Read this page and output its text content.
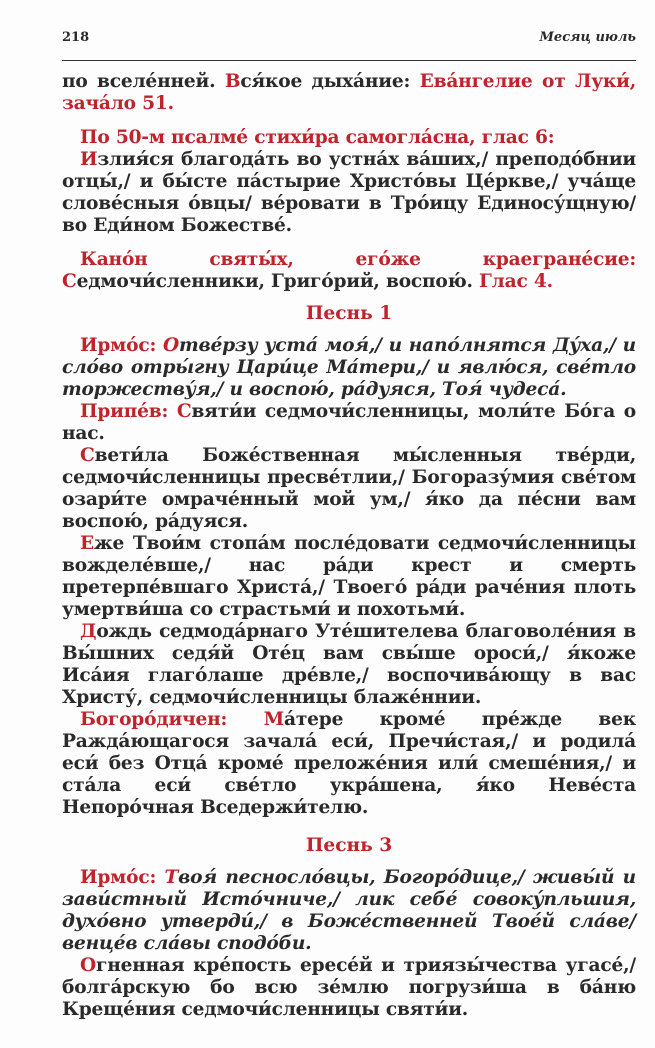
218	Месяц июль

по вселе́нней. Вся́кое дыха́ние: Ева́нгелие от Луки́, зача́ло 51.

По 50-м псалме́ стихи́ра самогла́сна, глас 6:

Излия́ся благода́ть во устна́х ва́ших,/ преподо́бнии отцы́,/ и бы́сте па́стырие Христо́вы Це́ркве,/ уча́ще слове́сныя о́вцы/ ве́ровати в Тро́ицу Единосу́щную/ во Еди́ном Божестве́.

Кано́н святы́х, его́же краегране́сие: Седмочи́сленники, Григо́рий, воспою́. Глас 4.

Песнь 1

Ирмо́с: Отве́рзу уста́ моя́,/ и напо́лнятся Ду́ха,/ и сло́во отры́гну Цари́це Ма́тери,/ и явлю́ся, све́тло торжеству́я,/ и воспою́, ра́дуяся, Тоя́ чудеса́.

Припе́в: Святи́и седмочи́сленницы, моли́те Бо́га о нас.

Свети́ла Боже́ственная мы́сленныя тве́рди, седмочи́сленницы пресве́тлии,/ Богоразу́мия све́том озари́те омраче́нный мой ум,/ я́ко да пе́сни вам воспою́, ра́дуяся.

Еже Твои́м стопа́м после́довати седмочи́сленницы вожделе́вше,/ нас ра́ди крест и смерть претерпе́вшаго Христа́,/ Твоего́ ра́ди раче́ния плоть умертви́ша со страстьми́ и похотьми́.

Дождь седмода́рнаго Уте́шителева благоволе́ния в Вы́шних седя́й Оте́ц вам свы́ше ороси́,/ я́коже Иса́ия глаго́лаше дре́вле,/ воспочива́ющу в вас Христу́, седмочи́сленницы блаже́ннии.

Богоро́дичен: Ма́тере кроме́ пре́жде век Ражда́ющагося зачала́ еси́, Пречи́стая,/ и родила́ еси́ без Отца́ кроме́ преложе́ния или́ смеше́ния,/ и ста́ла еси́ све́тло укра́шена, я́ко Неве́ста Непоро́чная Вседержи́телю.

Песнь 3

Ирмо́с: Твоя́ песносло́вцы, Богоро́дице,/ живы́й и зави́стный Исто́чниче,/ лик себе́ совоку́пльшия, духо́вно утверди́,/ в Боже́ственней Твое́й сла́ве/ венце́в сла́вы сподо́би.

Огненная кре́пость ересе́й и триязы́чества угасе́,/ болга́рскую бо всю зе́млю погрузи́ша в ба́ню Креще́ния седмочи́сленницы святи́и.
